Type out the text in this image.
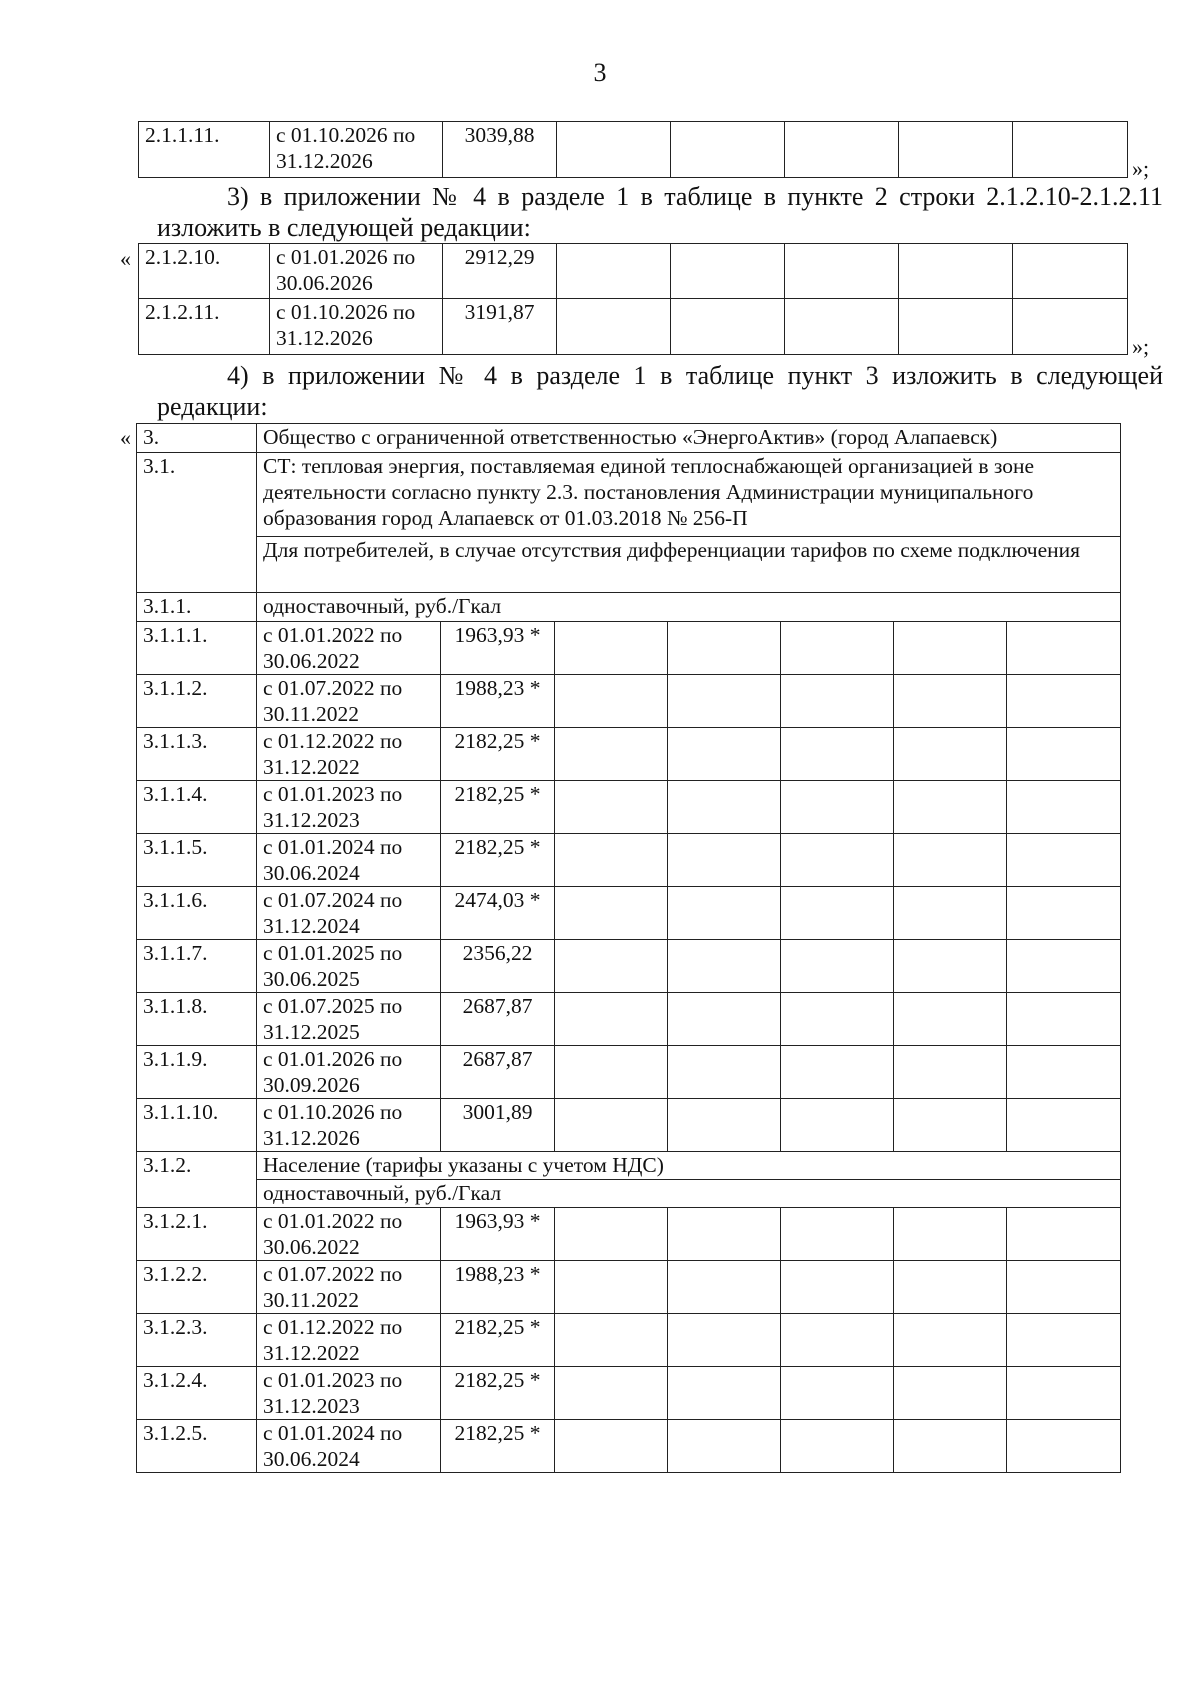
3
2.1.1.11.	с 01.10.2026 по 31.12.2026	3039,88					
»;

3) в приложении № 4 в разделе 1 в таблице в пункте 2 строки 2.1.2.10-2.1.2.11 изложить в следующей редакции:

« 2.1.2.10.	с 01.01.2026 по 30.06.2026	2912,29					
2.1.2.11.	с 01.10.2026 по 31.12.2026	3191,87					
»;

4) в приложении № 4 в разделе 1 в таблице пункт 3 изложить в следующей редакции:

« 3.	Общество с ограниченной ответственностью «ЭнергоАктив» (город Алапаевск)						
3.1.	СТ: тепловая энергия, поставляемая единой теплоснабжающей организацией в зоне деятельности согласно пункту 2.3. постановления Администрации муниципального образования город Алапаевск от 01.03.2018 № 256-П						
	Для потребителей, в случае отсутствия дифференциации тарифов по схеме подключения						
3.1.1.	одноставочный, руб./Гкал						
3.1.1.1.	с 01.01.2022 по 30.06.2022	1963,93 *					
3.1.1.2.	с 01.07.2022 по 30.11.2022	1988,23 *					
3.1.1.3.	с 01.12.2022 по 31.12.2022	2182,25 *					
3.1.1.4.	с 01.01.2023 по 31.12.2023	2182,25 *					
3.1.1.5.	с 01.01.2024 по 30.06.2024	2182,25 *					
3.1.1.6.	с 01.07.2024 по 31.12.2024	2474,03 *					
3.1.1.7.	с 01.01.2025 по 30.06.2025	2356,22					
3.1.1.8.	с 01.07.2025 по 31.12.2025	2687,87					
3.1.1.9.	с 01.01.2026 по 30.09.2026	2687,87					
3.1.1.10.	с 01.10.2026 по 31.12.2026	3001,89					
3.1.2.	Население (тарифы указаны с учетом НДС)						
	одноставочный, руб./Гкал						
3.1.2.1.	с 01.01.2022 по 30.06.2022	1963,93 *					
3.1.2.2.	с 01.07.2022 по 30.11.2022	1988,23 *					
3.1.2.3.	с 01.12.2022 по 31.12.2022	2182,25 *					
3.1.2.4.	с 01.01.2023 по 31.12.2023	2182,25 *					
3.1.2.5.	с 01.01.2024 по 30.06.2024	2182,25 *					
